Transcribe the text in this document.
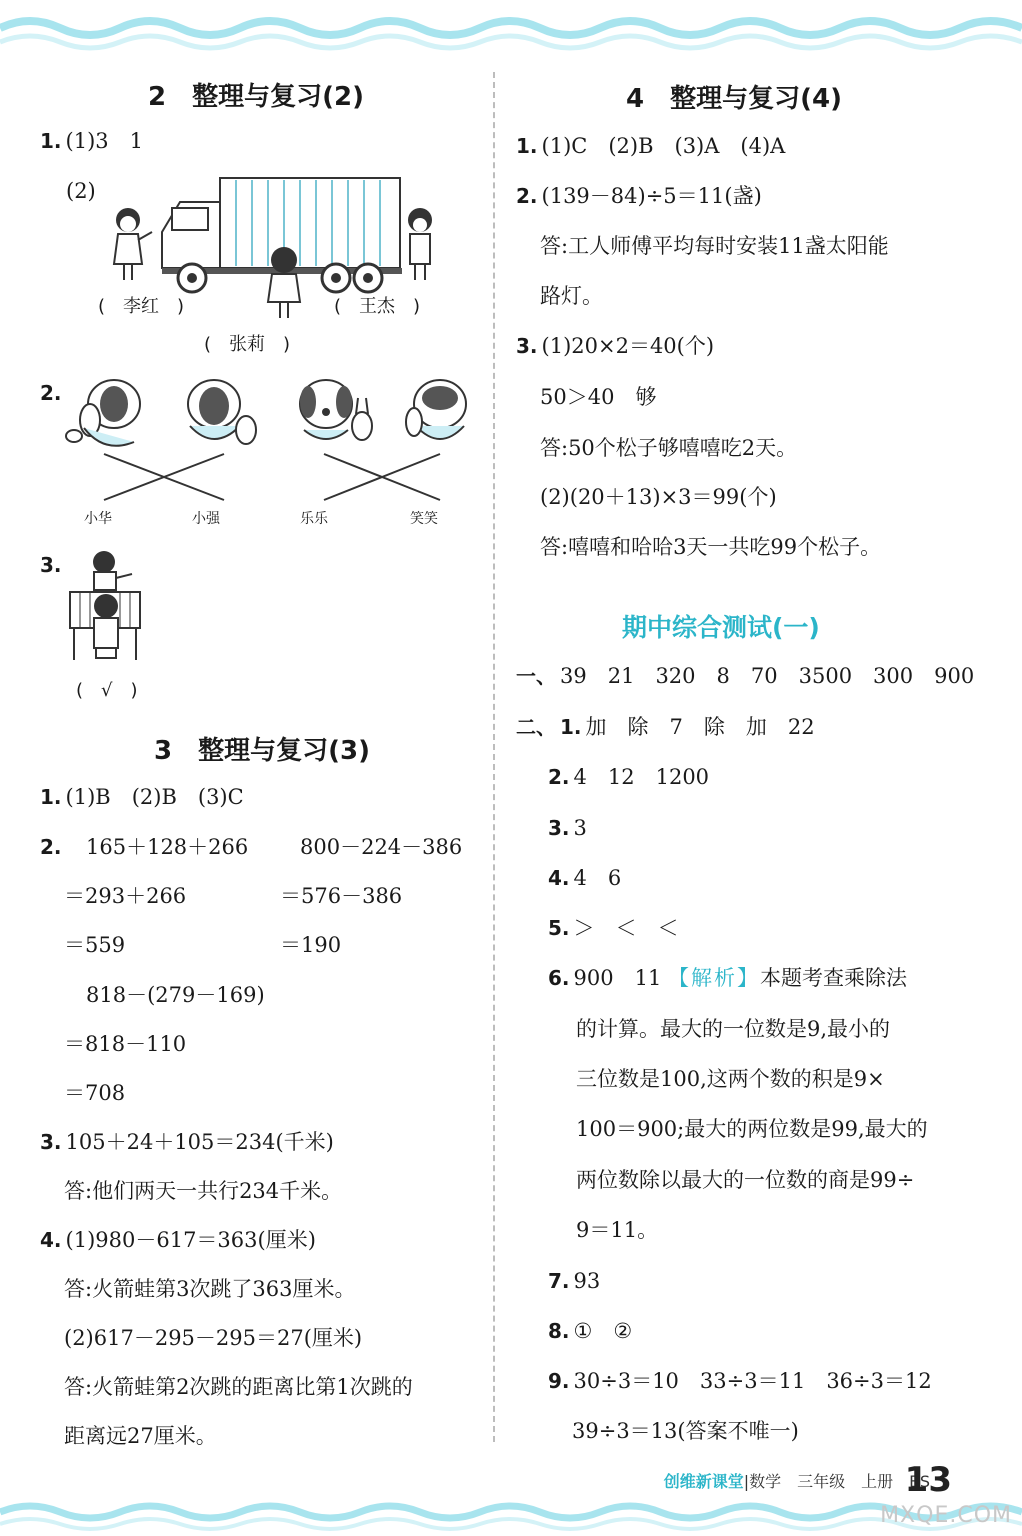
2 整理与复习(2)
1. (1)3　1
(2)
(　李红　)	(　王杰　)
(　张莉　)
2.
小华	小强	乐乐	笑笑
3.
(　√　)
3 整理与复习(3)
1. (1)B　(2)B　(3)C
2. 165＋128＋266
＝293＋266
＝559
800－224－386
＝576－386
＝190
818－(279－169)
＝818－110
＝708
3. 105＋24＋105＝234(千米)
答:他们两天一共行234千米。
4. (1)980－617＝363(厘米)
答:火箭蛙第3次跳了363厘米。
(2)617－295－295＝27(厘米)
答:火箭蛙第2次跳的距离比第1次跳的
距离远27厘米。
4 整理与复习(4)
1. (1)C　(2)B　(3)A　(4)A
2. (139－84)÷5＝11(盏)
答:工人师傅平均每时安装11盏太阳能
路灯。
3. (1)20×2＝40(个)
50＞40　够
答:50个松子够嘻嘻吃2天。
(2)(20＋13)×3＝99(个)
答:嘻嘻和哈哈3天一共吃99个松子。
期中综合测试(一)
一、 39　21　320　8　70　3500　300　900
二、 1. 加　除　7　除　加　22
2. 4　12　1200
3. 3
4. 4　6
5. ＞　＜　＜
6. 900　11 【解析】本题考查乘除法
的计算。最大的一位数是9,最小的
三位数是100,这两个数的积是9×
100＝900;最大的两位数是99,最大的
两位数除以最大的一位数的商是99÷
9＝11。
7. 93
8. ①　②
9. 30÷3＝10　33÷3＝11　36÷3＝12
39÷3＝13(答案不唯一)
创维新课堂|数学　三年级　上册　BS
13
MXQE.COM
